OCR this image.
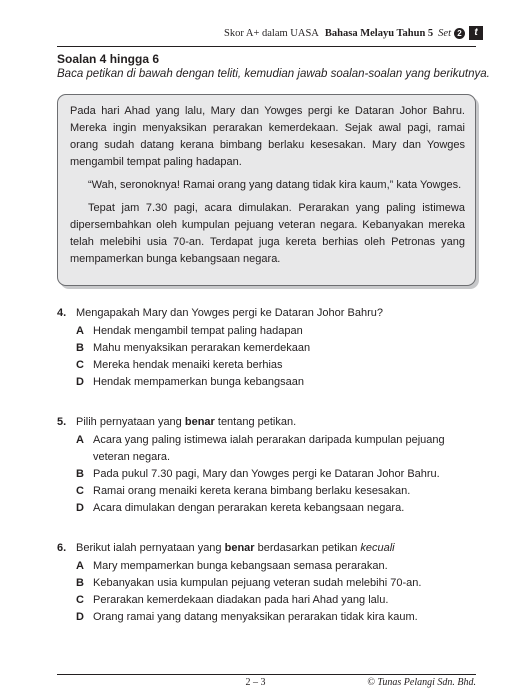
Skor A+ dalam UASA Bahasa Melayu Tahun 5 Set 2	t
Soalan 4 hingga 6
Baca petikan di bawah dengan teliti, kemudian jawab soalan-soalan yang berikutnya.

Pada hari Ahad yang lalu, Mary dan Yowges pergi ke Dataran Johor Bahru. Mereka ingin menyaksikan perarakan kemerdekaan. Sejak awal pagi, ramai orang sudah datang kerana bimbang berlaku kesesakan. Mary dan Yowges mengambil tempat paling hadapan.

“Wah, seronoknya! Ramai orang yang datang tidak kira kaum,” kata Yowges.

Tepat jam 7.30 pagi, acara dimulakan. Perarakan yang paling istimewa dipersembahkan oleh kumpulan pejuang veteran negara. Kebanyakan mereka telah melebihi usia 70-an. Terdapat juga kereta berhias oleh Petronas yang mempamerkan bunga kebangsaan negara.

4. Mengapakah Mary dan Yowges pergi ke Dataran Johor Bahru?
A Hendak mengambil tempat paling hadapan
B Mahu menyaksikan perarakan kemerdekaan
C Mereka hendak menaiki kereta berhias
D Hendak mempamerkan bunga kebangsaan
5. Pilih pernyataan yang benar tentang petikan.
A Acara yang paling istimewa ialah perarakan daripada kumpulan pejuang veteran negara.
B Pada pukul 7.30 pagi, Mary dan Yowges pergi ke Dataran Johor Bahru.
C Ramai orang menaiki kereta kerana bimbang berlaku kesesakan.
D Acara dimulakan dengan perarakan kereta kebangsaan negara.
6. Berikut ialah pernyataan yang benar berdasarkan petikan kecuali
A Mary mempamerkan bunga kebangsaan semasa perarakan.
B Kebanyakan usia kumpulan pejuang veteran sudah melebihi 70-an.
C Perarakan kemerdekaan diadakan pada hari Ahad yang lalu.
D Orang ramai yang datang menyaksikan perarakan tidak kira kaum.
2 – 3	© Tunas Pelangi Sdn. Bhd.
